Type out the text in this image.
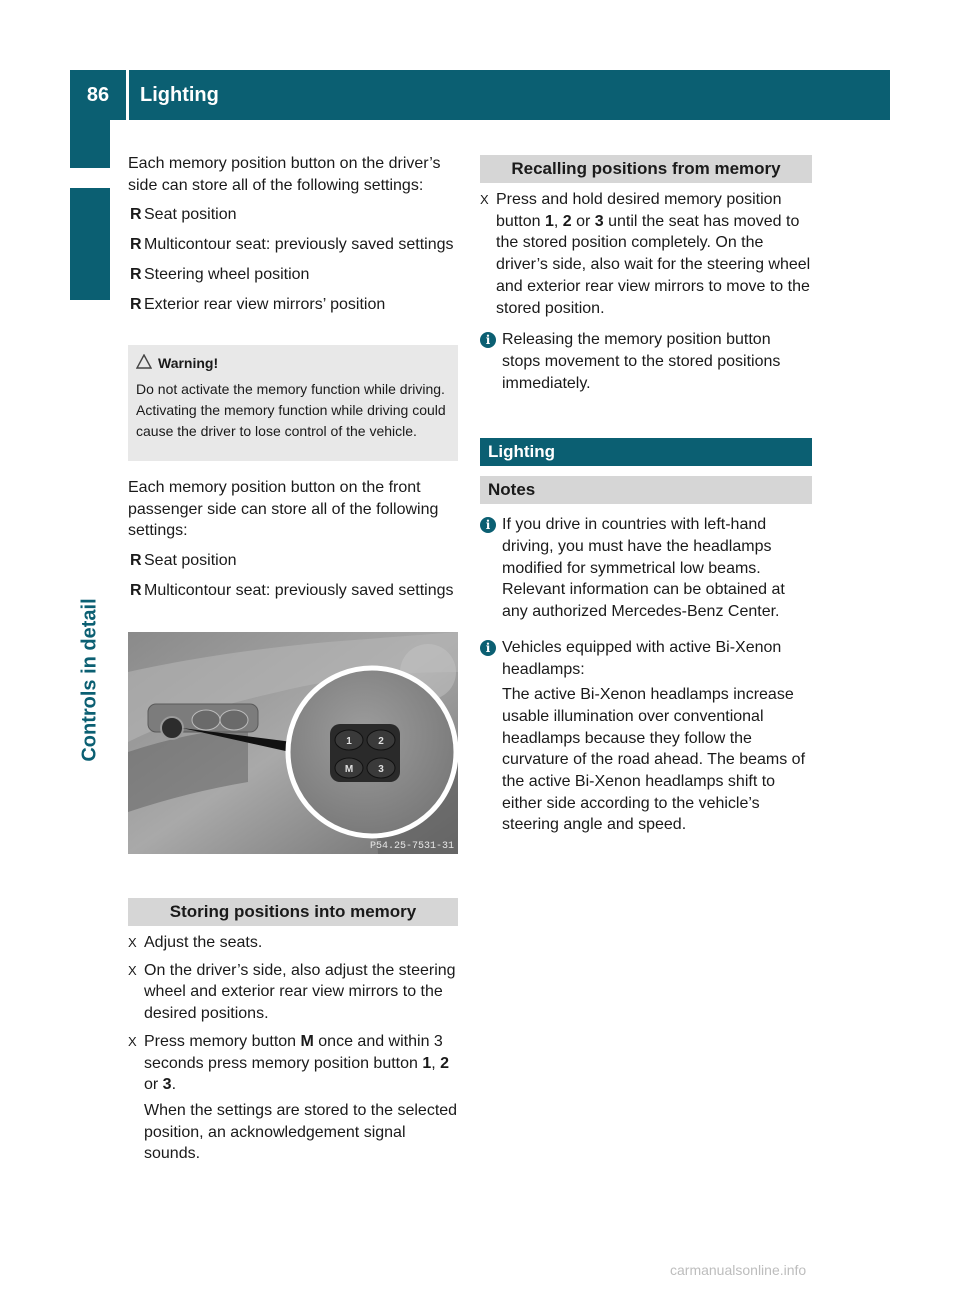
86	Lighting
Controls in detail

Each memory position button on the driver’s side can store all of the following settings:

R Seat position
R Multicontour seat: previously saved settings
R Steering wheel position
R Exterior rear view mirrors’ position
Warning!

Do not activate the memory function while driving. Activating the memory function while driving could cause the driver to lose control of the vehicle.

Each memory position button on the front passenger side can store all of the following settings:

R Seat position
R Multicontour seat: previously saved settings
1	2
M	3
P54.25-7531-31
Storing positions into memory
X Adjust the seats.
X On the driver’s side, also adjust the steering wheel and exterior rear view mirrors to the desired positions.
X Press memory button M once and within 3 seconds press memory position button 1, 2 or 3.

When the settings are stored to the selected position, an acknowledgement signal sounds.

Recalling positions from memory
X Press and hold desired memory position button 1, 2 or 3 until the seat has moved to the stored position completely. On the driver’s side, also wait for the steering wheel and exterior rear view mirrors to move to the stored position.
i Releasing the memory position button stops movement to the stored positions immediately.
Lighting
Notes
i If you drive in countries with left-hand driving, you must have the headlamps modified for symmetrical low beams. Relevant information can be obtained at any authorized Mercedes-Benz Center.
i Vehicles equipped with active Bi-Xenon headlamps:

The active Bi-Xenon headlamps increase usable illumination over conventional headlamps because they follow the curvature of the road ahead. The beams of the active Bi-Xenon headlamps shift to either side according to the vehicle’s steering angle and speed.

carmanualsonline.info
